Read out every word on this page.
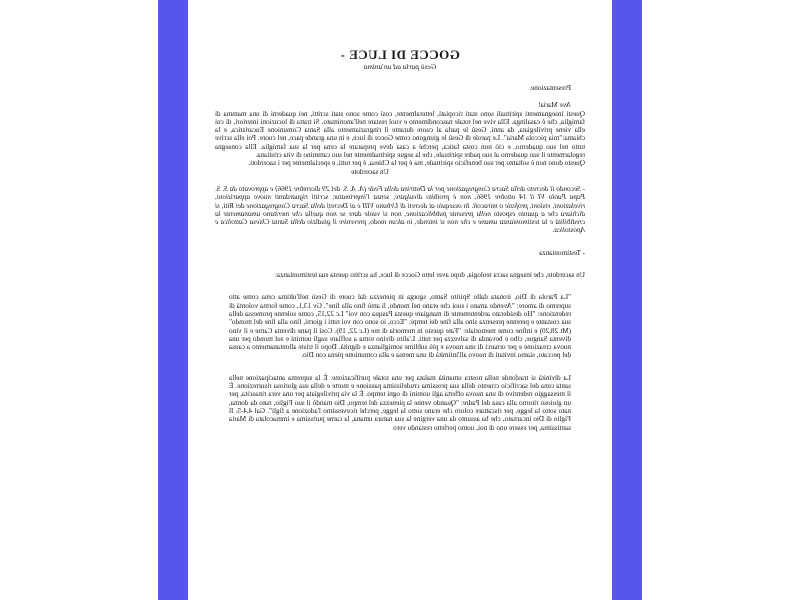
GOCCE DI LUCE -

Gesù parla ad un'anima

Presentazione.

Ave Maria!

Questi insegnamenti spirituali sono stati ricopiati, letteralmente, così come sono stati scritti, nei quaderni di una mamma di famiglia, che è casalinga. Ella vive nel totale nascondimento e vuol restare nell'anonimato. Si tratta di locuzioni interiori, di cui ella viene privilegiata, da anni. Gesù le parla al cuore durante il ringraziamento alla Santa Comunione Eucaristica, e la chiama:"mia piccola Maria". Le parole di Gesù le giungono come Gocce di luce, e in una grande pace, nel cuore. Poi ella scrive tutto nel suo quaderno, e ciò non costa fatica, perché a casa deve preparare la cena per la sua famiglia. Ella consegna regolarmente il suo quaderno al suo padre spirituale, che la segue spiritualmente nel suo cammino di vita cristiana.

Questo dono non è soltanto per suo beneficio spirituale, ma è per la Chiesa, è per tutti, e specialmente per i sacerdoti.

Un sacerdote

- Secondo il decreto della Sacra Congregazione per la Dottrina della Fede (A. A. S. del 29 dicembre 1966) e approvato da S. S. Papa Paolo VI il 14 ottobre 1966, non è proibito divulgare, senza l'imprimatur, scritti riguardanti nuove apparizioni, rivelazioni, visioni, profezie o miracoli. In ossequio ai decreti di Urbano VIII e ai Decreti della Sacra Congregazione dei Riti, si dichiara che a quanto esposto nella presente pubblicazione, non si vuole dare se non quella che meritano umanamente la credibilità e la testimonianza umane e che non si intende, in alcun modo, prevenire il giudizio della Santa Chiesa Cattolica e Apostolica.

- Testimonianza

Un sacerdote, che insegna sacra teologia, dopo aver letto Gocce di luce, ha scritto questa sua testimonianza:

"La Parola di Dio, ironata dallo Spirito Santo, sgorga in pienezza dal cuore di Gesù nell'ultima cena come atto supremo di amore: "Avendo amato i suoi che erano nel mondo, li amò fino alla fine". Gv 13,1, come forma volontà di redenzione: "Ho desiderato ardentemente di mangiare questa Pasqua con voi" Lc 22,15, come solenne promessa della sua costante e perenne presenza sino alla fine dei tempi: "Ecco, io sono con voi tutti i giorni, fino alla fine del mondo" (Mt 28,20) e infine come memoriale: "Fate questo in memoria di me (Lc 22, 19). Così il pane diventa Carne e il vino diventa Sangue, cibo e bevanda di salvezza per tutti. L'alito divino torna a soffiare sugli uomini e sul mondo per una nuova creazione e per ornarci di una nuova e più sublime somiglianza e dignità. Dopo il triste allontanamento a causa del peccato, siamo invitati di nuovo all'intimità di una mensa e alla comunione piena con Dio.

La divinità si trasfonde nella nostra umanità malata per una totale purificazione. È la suprema antacipazione nella santa cena del sacrificio cruento della sua prossima crudelissima passione e morte e della sua gloriosa risurrezione. È il messaggio redentivo di una nuova offerta agli uomini di ogni tempo. È la via privilegiata per una vera rinascita, per un gioioso ritorno alla casa del Padre: "Quando venne la pienezza del tempo, Dio mandò il suo Figlio, nato da donna, nato sotto la legge, per riscattare coloro che erano sotto la legge, perché ricevessimo l'adozione a figli". Gal 4,4-5. Il Figlio di Dio incarnato, che ha assunto da una vergine la sua natura umana, la carne purissima e immacolata di Maria santissima, per essere uno di noi, uomo perfetto restando vero
